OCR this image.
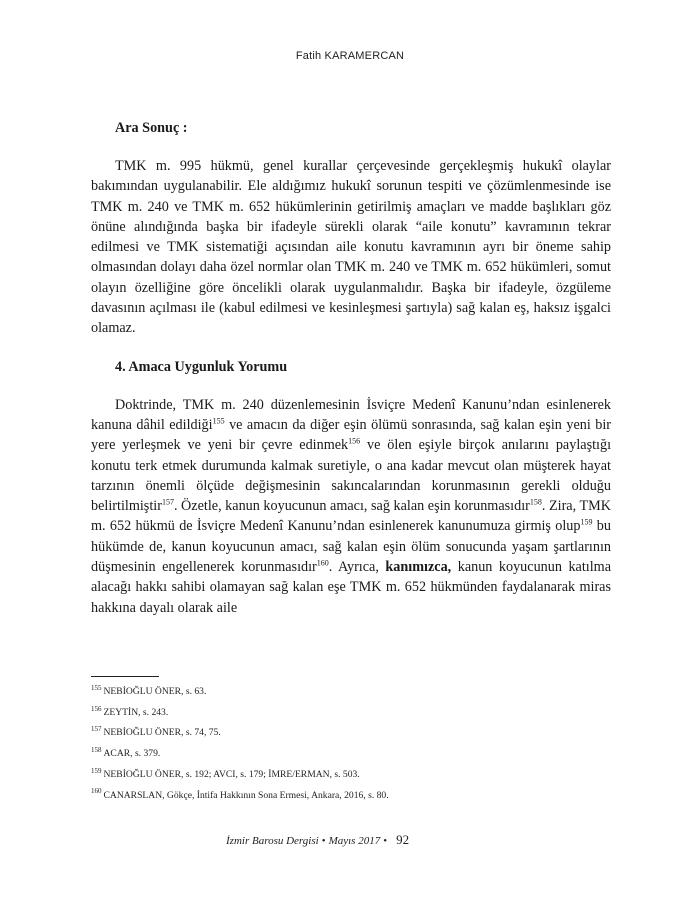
Fatih KARAMERCAN
Ara Sonuç :

TMK m. 995 hükmü, genel kurallar çerçevesinde gerçekleşmiş hukukî olaylar bakımından uygulanabilir. Ele aldığımız hukukî sorunun tespiti ve çözümlenmesinde ise TMK m. 240 ve TMK m. 652 hükümlerinin getirilmiş amaçları ve madde başlıkları göz önüne alındığında başka bir ifadeyle sürekli olarak “aile konutu” kavramının tekrar edilmesi ve TMK sistematiği açısından aile konutu kavramının ayrı bir öneme sahip olmasından dolayı daha özel normlar olan TMK m. 240 ve TMK m. 652 hükümleri, somut olayın özelliğine göre öncelikli olarak uygulanmalıdır. Başka bir ifadeyle, özgüleme davasının açılması ile (kabul edilmesi ve kesinleşmesi şartıyla) sağ kalan eş, haksız işgalci olamaz.

4. Amaca Uygunluk Yorumu

Doktrinde, TMK m. 240 düzenlemesinin İsviçre Medenî Kanunu’ndan esinlenerek kanuna dâhil edildiği$^{155}$ ve amacın da diğer eşin ölümü sonrasında, sağ kalan eşin yeni bir yere yerleşmek ve yeni bir çevre edinmek$^{156}$ ve ölen eşiyle birçok anılarını paylaştığı konutu terk etmek durumunda kalmak suretiyle, o ana kadar mevcut olan müşterek hayat tarzının önemli ölçüde değişmesinin sakıncalarından korunmasının gerekli olduğu belirtilmiştir$^{157}$. Özetle, kanun koyucunun amacı, sağ kalan eşin korunmasıdır$^{158}$. Zira, TMK m. 652 hükmü de İsviçre Medenî Kanunu’ndan esinlenerek kanunumuza girmiş olup$^{159}$ bu hükümde de, kanun koyucunun amacı, sağ kalan eşin ölüm sonucunda yaşam şartlarının düşmesinin engellenerek korunmasıdır$^{160}$. Ayrıca, kanımızca, kanun koyucunun katılma alacağı hakkı sahibi olamayan sağ kalan eşe TMK m. 652 hükmünden faydalanarak miras hakkına dayalı olarak aile

$^{155}$ NEBİOĞLU ÖNER, s. 63.
$^{156}$ ZEYTİN, s. 243.
$^{157}$ NEBİOĞLU ÖNER, s. 74, 75.
$^{158}$ ACAR, s. 379.
$^{159}$ NEBİOĞLU ÖNER, s. 192; AVCI, s. 179; İMRE/ERMAN, s. 503.
$^{160}$ CANARSLAN, Gökçe, İntifa Hakkının Sona Ermesi, Ankara, 2016, s. 80.
İzmir Barosu Dergisi • Mayıs 2017 • 92
